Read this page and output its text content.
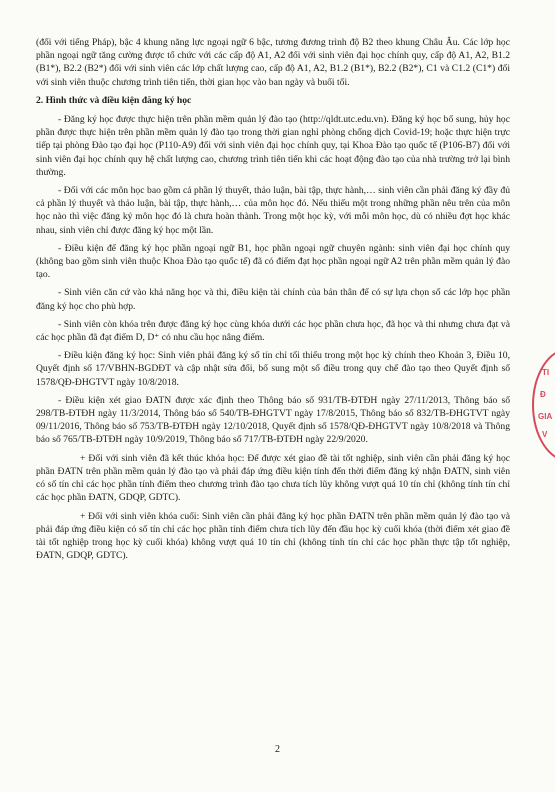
(đối với tiếng Pháp), bậc 4 khung năng lực ngoại ngữ 6 bậc, tương đương trình độ B2 theo khung Châu Âu. Các lớp học phần ngoại ngữ tăng cường được tổ chức với các cấp độ A1, A2 đối với sinh viên đại học chính quy, cấp độ A1, A2, B1.2 (B1*), B2.2 (B2*) đối với sinh viên các lớp chất lượng cao, cấp độ A1, A2, B1.2 (B1*), B2.2 (B2*), C1 và C1.2 (C1*) đối với sinh viên thuộc chương trình tiên tiến, thời gian học vào ban ngày và buổi tối.

2. Hình thức và điều kiện đăng ký học

- Đăng ký học được thực hiện trên phần mềm quản lý đào tạo (http://qldt.utc.edu.vn). Đăng ký học bổ sung, hủy học phần được thực hiện trên phần mềm quản lý đào tạo trong thời gian nghỉ phòng chống dịch Covid-19; hoặc thực hiện trực tiếp tại phòng Đào tạo đại học (P110-A9) đối với sinh viên đại học chính quy, tại Khoa Đào tạo quốc tế (P106-B7) đối với sinh viên đại học chính quy hệ chất lượng cao, chương trình tiên tiến khi các hoạt động đào tạo của nhà trường trở lại bình thường.

- Đối với các môn học bao gồm cả phần lý thuyết, thảo luận, bài tập, thực hành,… sinh viên cần phải đăng ký đầy đủ cả phần lý thuyết và thảo luận, bài tập, thực hành,… của môn học đó. Nếu thiếu một trong những phần nêu trên của môn học nào thì việc đăng ký môn học đó là chưa hoàn thành. Trong một học kỳ, với mỗi môn học, dù có nhiều đợt học khác nhau, sinh viên chỉ được đăng ký học một lần.

- Điều kiện để đăng ký học phần ngoại ngữ B1, học phần ngoại ngữ chuyên ngành: sinh viên đại học chính quy (không bao gồm sinh viên thuộc Khoa Đào tạo quốc tế) đã có điểm đạt học phần ngoại ngữ A2 trên phần mềm quản lý đào tạo.

- Sinh viên căn cứ vào khả năng học và thi, điều kiện tài chính của bản thân để có sự lựa chọn số các lớp học phần đăng ký học cho phù hợp.

- Sinh viên còn khóa trên được đăng ký học cùng khóa dưới các học phần chưa học, đã học và thi nhưng chưa đạt và các học phần đã đạt điểm D, D⁺ có nhu cầu học nâng điểm.

- Điều kiện đăng ký học: Sinh viên phải đăng ký số tín chỉ tối thiểu trong một học kỳ chính theo Khoản 3, Điều 10, Quyết định số 17/VBHN-BGDĐT và cập nhật sửa đổi, bổ sung một số điều trong quy chế đào tạo theo Quyết định số 1578/QĐ-ĐHGTVT ngày 10/8/2018.

- Điều kiện xét giao ĐATN được xác định theo Thông báo số 931/TB-ĐTĐH ngày 27/11/2013, Thông báo số 298/TB-ĐTĐH ngày 11/3/2014, Thông báo số 540/TB-ĐHGTVT ngày 17/8/2015, Thông báo số 832/TB-ĐHGTVT ngày 09/11/2016, Thông báo số 753/TB-ĐTĐH ngày 12/10/2018, Quyết định số 1578/QĐ-ĐHGTVT ngày 10/8/2018 và Thông báo số 765/TB-ĐTĐH ngày 10/9/2019, Thông báo số 717/TB-ĐTĐH ngày 22/9/2020.

+ Đối với sinh viên đã kết thúc khóa học: Để được xét giao đề tài tốt nghiệp, sinh viên cần phải đăng ký học phần ĐATN trên phần mềm quản lý đào tạo và phải đáp ứng điều kiện tính đến thời điểm đăng ký nhận ĐATN, sinh viên có số tín chỉ các học phần tính điểm theo chương trình đào tạo chưa tích lũy không vượt quá 10 tín chỉ (không tính tín chỉ các học phần ĐATN, GDQP, GDTC).

+ Đối với sinh viên khóa cuối: Sinh viên cần phải đăng ký học phần ĐATN trên phần mềm quản lý đào tạo và phải đáp ứng điều kiện có số tín chỉ các học phần tính điểm chưa tích lũy đến đầu học kỳ cuối khóa (thời điểm xét giao đề tài tốt nghiệp trong học kỳ cuối khóa) không vượt quá 10 tín chỉ (không tính tín chỉ các học phần thực tập tốt nghiệp, ĐATN, GDQP, GDTC).

TI
Đ
GIA
V
2
